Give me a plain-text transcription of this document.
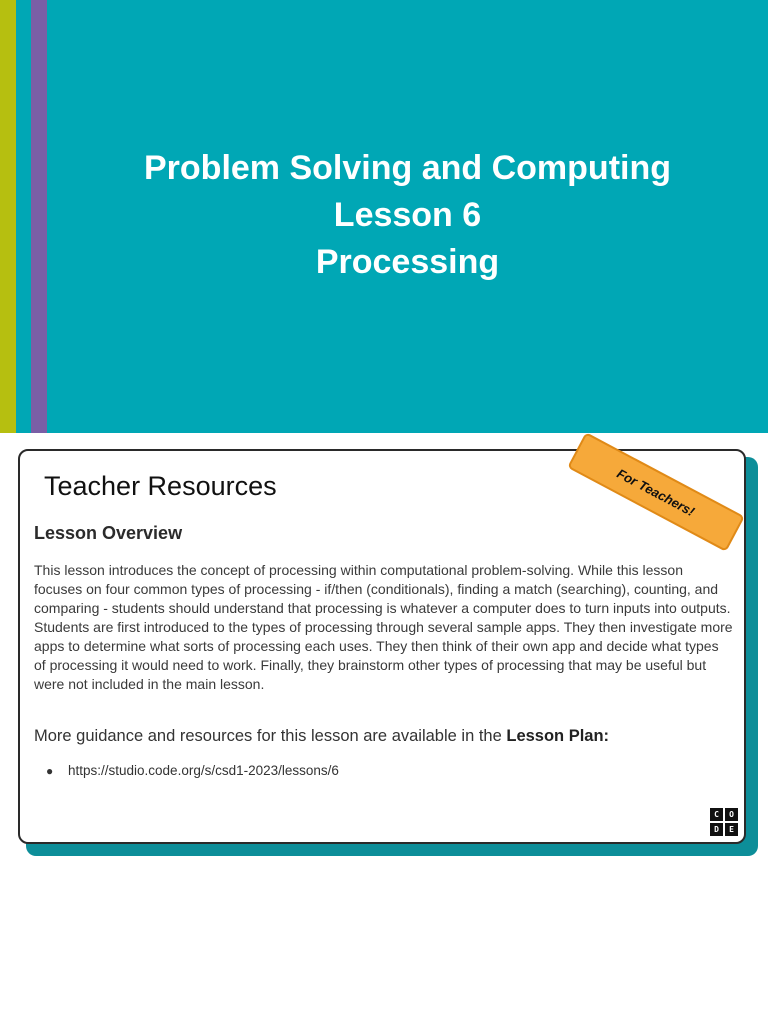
Problem Solving and Computing
Lesson 6
Processing
Teacher Resources
Lesson Overview

This lesson introduces the concept of processing within computational problem-solving. While this lesson focuses on four common types of processing - if/then (conditionals), finding a match (searching), counting, and comparing - students should understand that processing is whatever a computer does to turn inputs into outputs. Students are first introduced to the types of processing through several sample apps. They then investigate more apps to determine what sorts of processing each uses. They then think of their own app and decide what types of processing it would need to work. Finally, they brainstorm other types of processing that may be useful but were not included in the main lesson.

More guidance and resources for this lesson are available in the Lesson Plan:

●	https://studio.code.org/s/csd1-2023/lessons/6
C	O
D	E
For Teachers!
